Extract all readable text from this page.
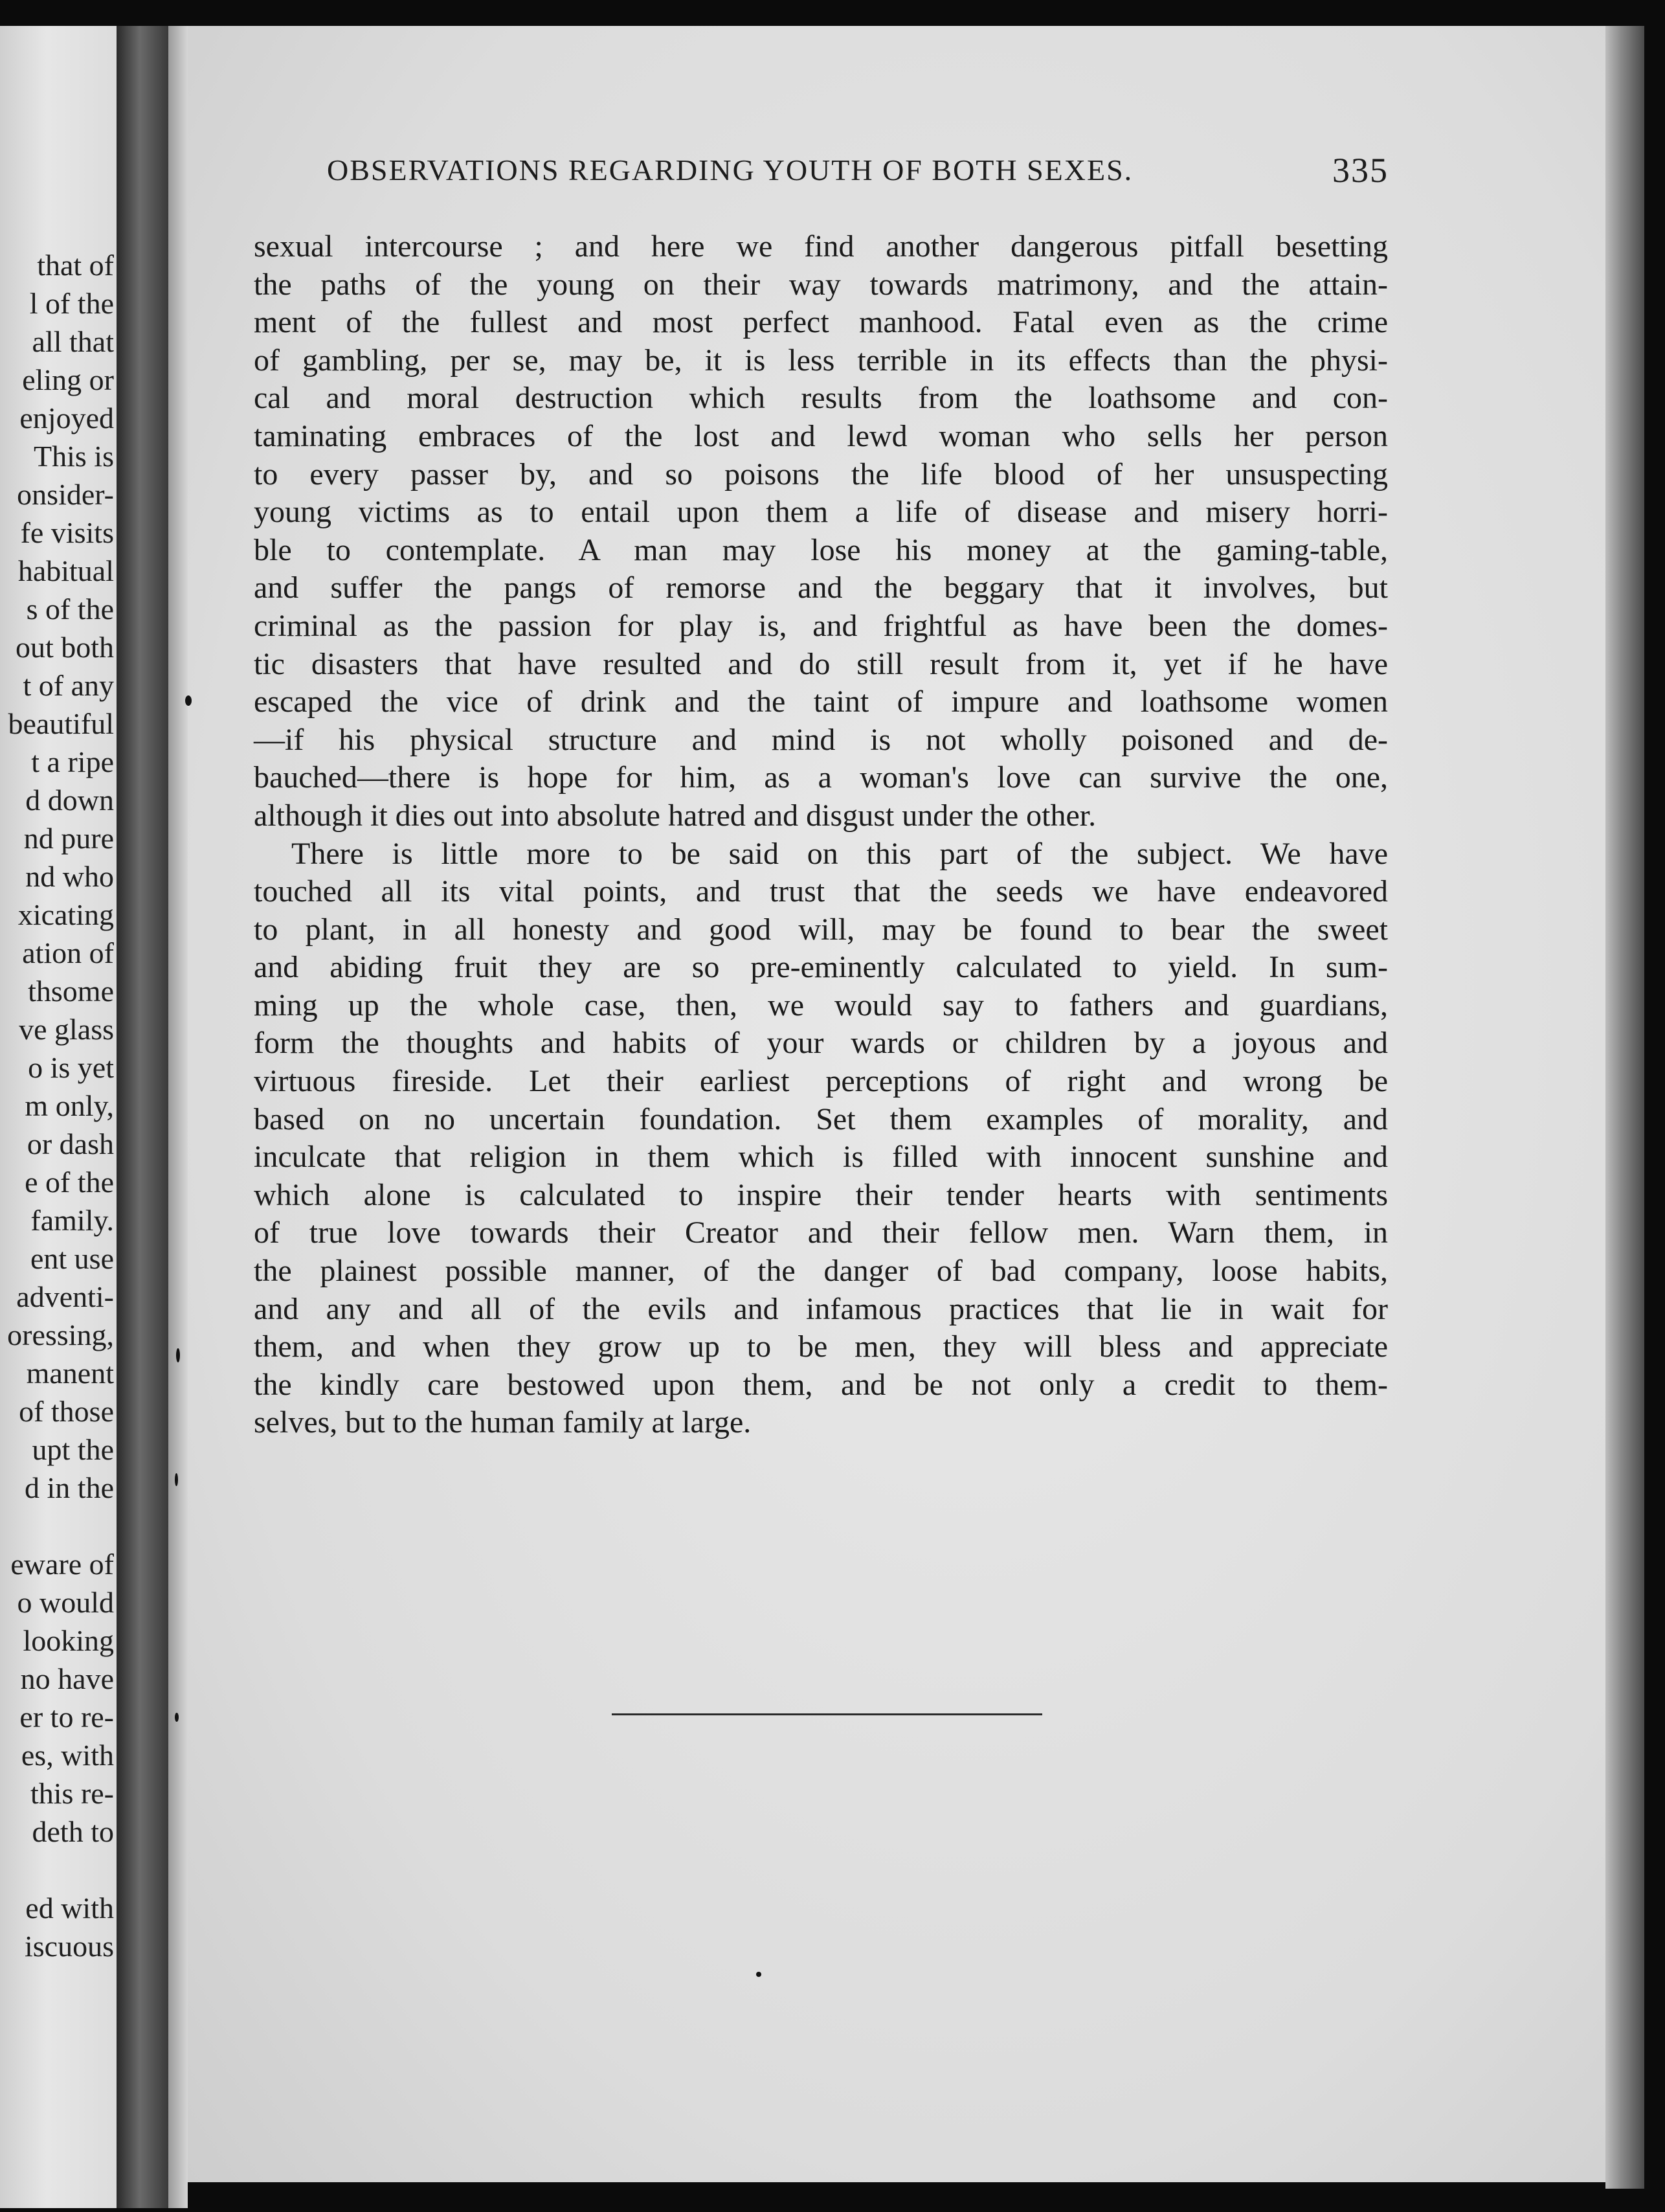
that of
l of the
all that
eling or
enjoyed
This is
onsider-
fe visits
habitual
s of the
out both
t of any
beautiful
t a ripe
d down
nd pure
nd who
xicating
ation of
thsome
ve glass
o is yet
m only,
or dash
e of the
family.
ent use
adventi-
oressing,
manent
of those
upt the
d in the
eware of
o would
looking
no have
er to re-
es, with
this re-
deth to
ed with
iscuous
OBSERVATIONS REGARDING YOUTH OF BOTH SEXES.	335
sexual intercourse ; and here we find another dangerous pitfall besetting
the paths of the young on their way towards matrimony, and the attain-
ment of the fullest and most perfect manhood. Fatal even as the crime
of gambling, per se, may be, it is less terrible in its effects than the physi-
cal and moral destruction which results from the loathsome and con-
taminating embraces of the lost and lewd woman who sells her person
to every passer by, and so poisons the life blood of her unsuspecting
young victims as to entail upon them a life of disease and misery horri-
ble to contemplate. A man may lose his money at the gaming-table,
and suffer the pangs of remorse and the beggary that it involves, but
criminal as the passion for play is, and frightful as have been the domes-
tic disasters that have resulted and do still result from it, yet if he have
escaped the vice of drink and the taint of impure and loathsome women
—if his physical structure and mind is not wholly poisoned and de-
bauched—there is hope for him, as a woman's love can survive the one,
although it dies out into absolute hatred and disgust under the other.
There is little more to be said on this part of the subject. We have
touched all its vital points, and trust that the seeds we have endeavored
to plant, in all honesty and good will, may be found to bear the sweet
and abiding fruit they are so pre-eminently calculated to yield. In sum-
ming up the whole case, then, we would say to fathers and guardians,
form the thoughts and habits of your wards or children by a joyous and
virtuous fireside. Let their earliest perceptions of right and wrong be
based on no uncertain foundation. Set them examples of morality, and
inculcate that religion in them which is filled with innocent sunshine and
which alone is calculated to inspire their tender hearts with sentiments
of true love towards their Creator and their fellow men. Warn them, in
the plainest possible manner, of the danger of bad company, loose habits,
and any and all of the evils and infamous practices that lie in wait for
them, and when they grow up to be men, they will bless and appreciate
the kindly care bestowed upon them, and be not only a credit to them-
selves, but to the human family at large.
